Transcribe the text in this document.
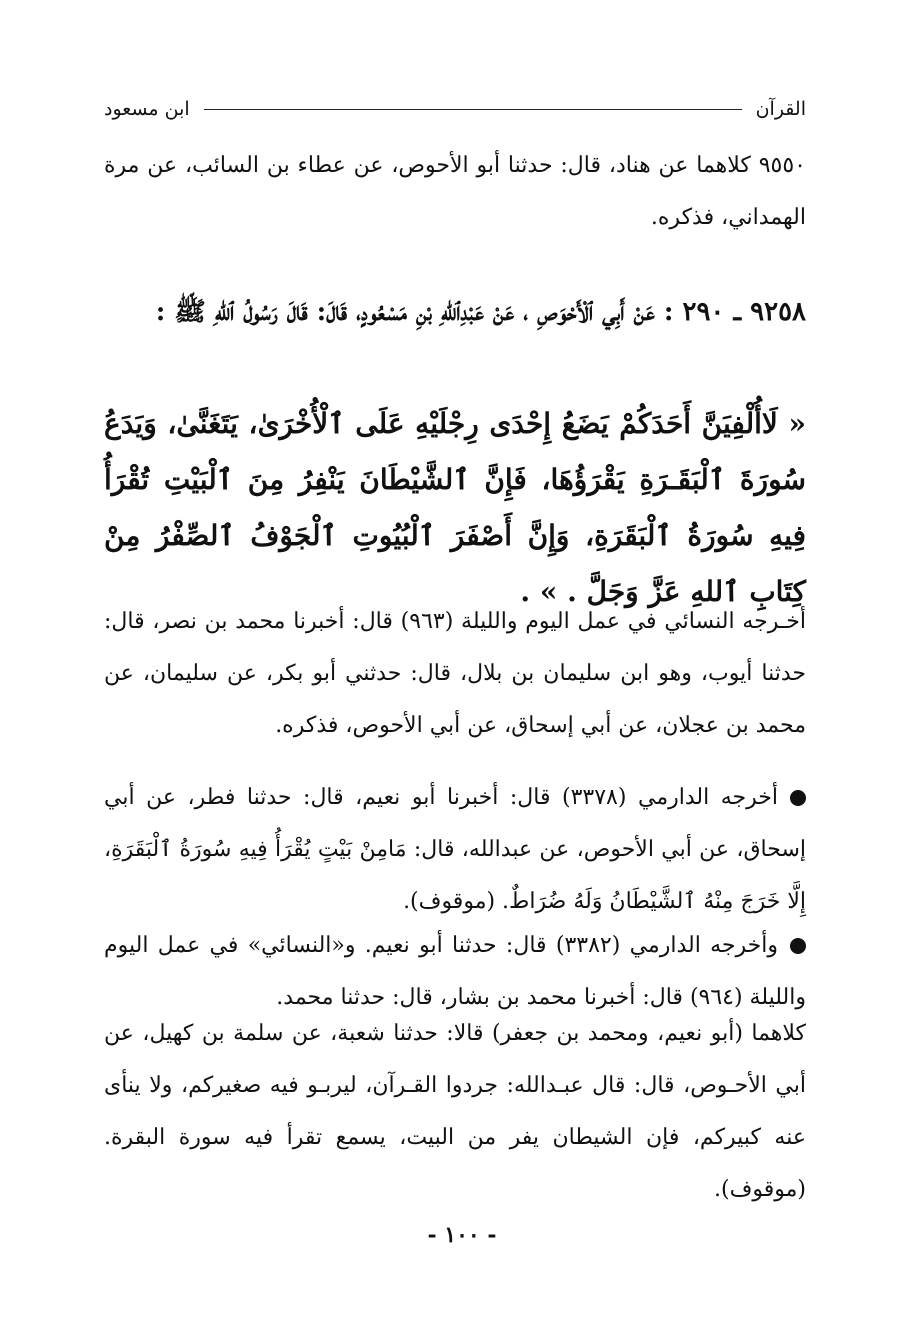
القرآن
ابن مسعود
٩٥٥٠ كلاهما عن هناد، قال: حدثنا أبو الأحوص، عن عطاء بن السائب، عن مرة الهمداني، فذكره.
٩٢٥٨ ـ ٢٩٠ : عَنْ أَبِي ٱلْأَحْوَصِ ، عَنْ عَبْدِٱللهِ بْنِ مَسْعُودٍ، قَالَ: قَالَ رَسُولُ ٱللهِ ﷺ :
« لَاأُلْفِيَنَّ أَحَدَكُمْ يَضَعُ إِحْدَى رِجْلَيْهِ عَلَى ٱلْأُخْرَىٰ، يَتَغَنَّىٰ، وَيَدَعُ سُورَةَ ٱلْبَقَـرَةِ يَقْرَؤُهَا، فَإِنَّ ٱلشَّيْطَانَ يَنْفِرُ مِنَ ٱلْبَيْتِ تُقْرَأُ فِيهِ سُورَةُ ٱلْبَقَرَةِ، وَإِنَّ أَصْفَرَ ٱلْبُيُوتِ ٱلْجَوْفُ ٱلصِّفْرُ مِنْ كِتَابِ ٱللهِ عَزَّ وَجَلَّ . » .
أخـرجه النسائي في عمل اليوم والليلة (٩٦٣) قال: أخبرنا محمد بن نصر، قال: حدثنا أيوب، وهو ابن سليمان بن بلال، قال: حدثني أبو بكر، عن سليمان، عن محمد بن عجلان، عن أبي إسحاق، عن أبي الأحوص، فذكره.
أخرجه الدارمي (٣٣٧٨) قال: أخبرنا أبو نعيم، قال: حدثنا فطر، عن أبي إسحاق، عن أبي الأحوص، عن عبدالله، قال: مَامِنْ بَيْتٍ يُقْرَأُ فِيهِ سُورَةُ ٱلْبَقَرَةِ، إِلَّا خَرَجَ مِنْهُ ٱلشَّيْطَانُ وَلَهُ ضُرَاطٌ. (موقوف).
وأخرجه الدارمي (٣٣٨٢) قال: حدثنا أبو نعيم. و«النسائي» في عمل اليوم والليلة (٩٦٤) قال: أخبرنا محمد بن بشار، قال: حدثنا محمد.
كلاهما (أبو نعيم، ومحمد بن جعفر) قالا: حدثنا شعبة، عن سلمة بن كهيل، عن أبي الأحـوص، قال: قال عبـدالله: جردوا القـرآن، ليربـو فيه صغيركم، ولا ينأى عنه كبيركم، فإن الشيطان يفر من البيت، يسمع تقرأ فيه سورة البقرة. (موقوف).
- ١٠٠ -
